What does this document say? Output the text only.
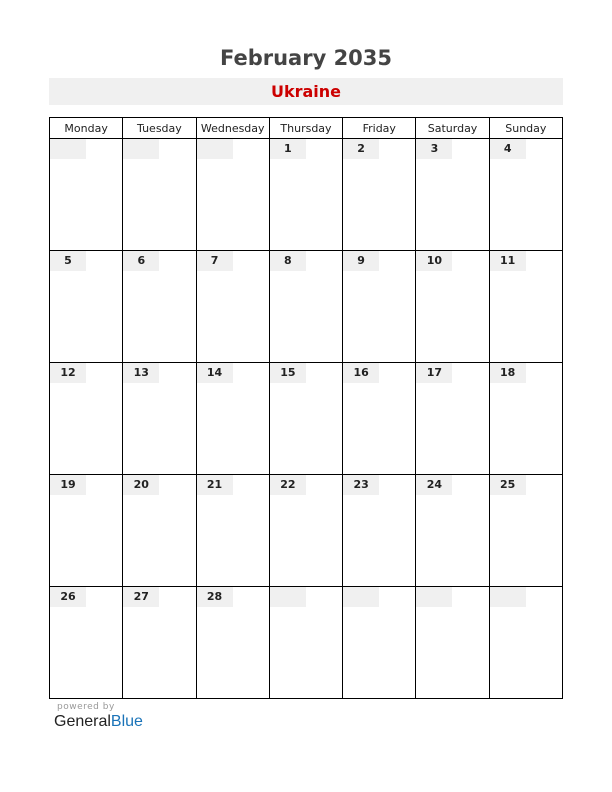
February 2035
Ukraine
Monday	Tuesday	Wednesday	Thursday	Friday	Saturday	Sunday

			1	2	3	4

5	6	7	8	9	10	11

12	13	14	15	16	17	18

19	20	21	22	23	24	25

26	27	28				

powered by
GeneralBlue
